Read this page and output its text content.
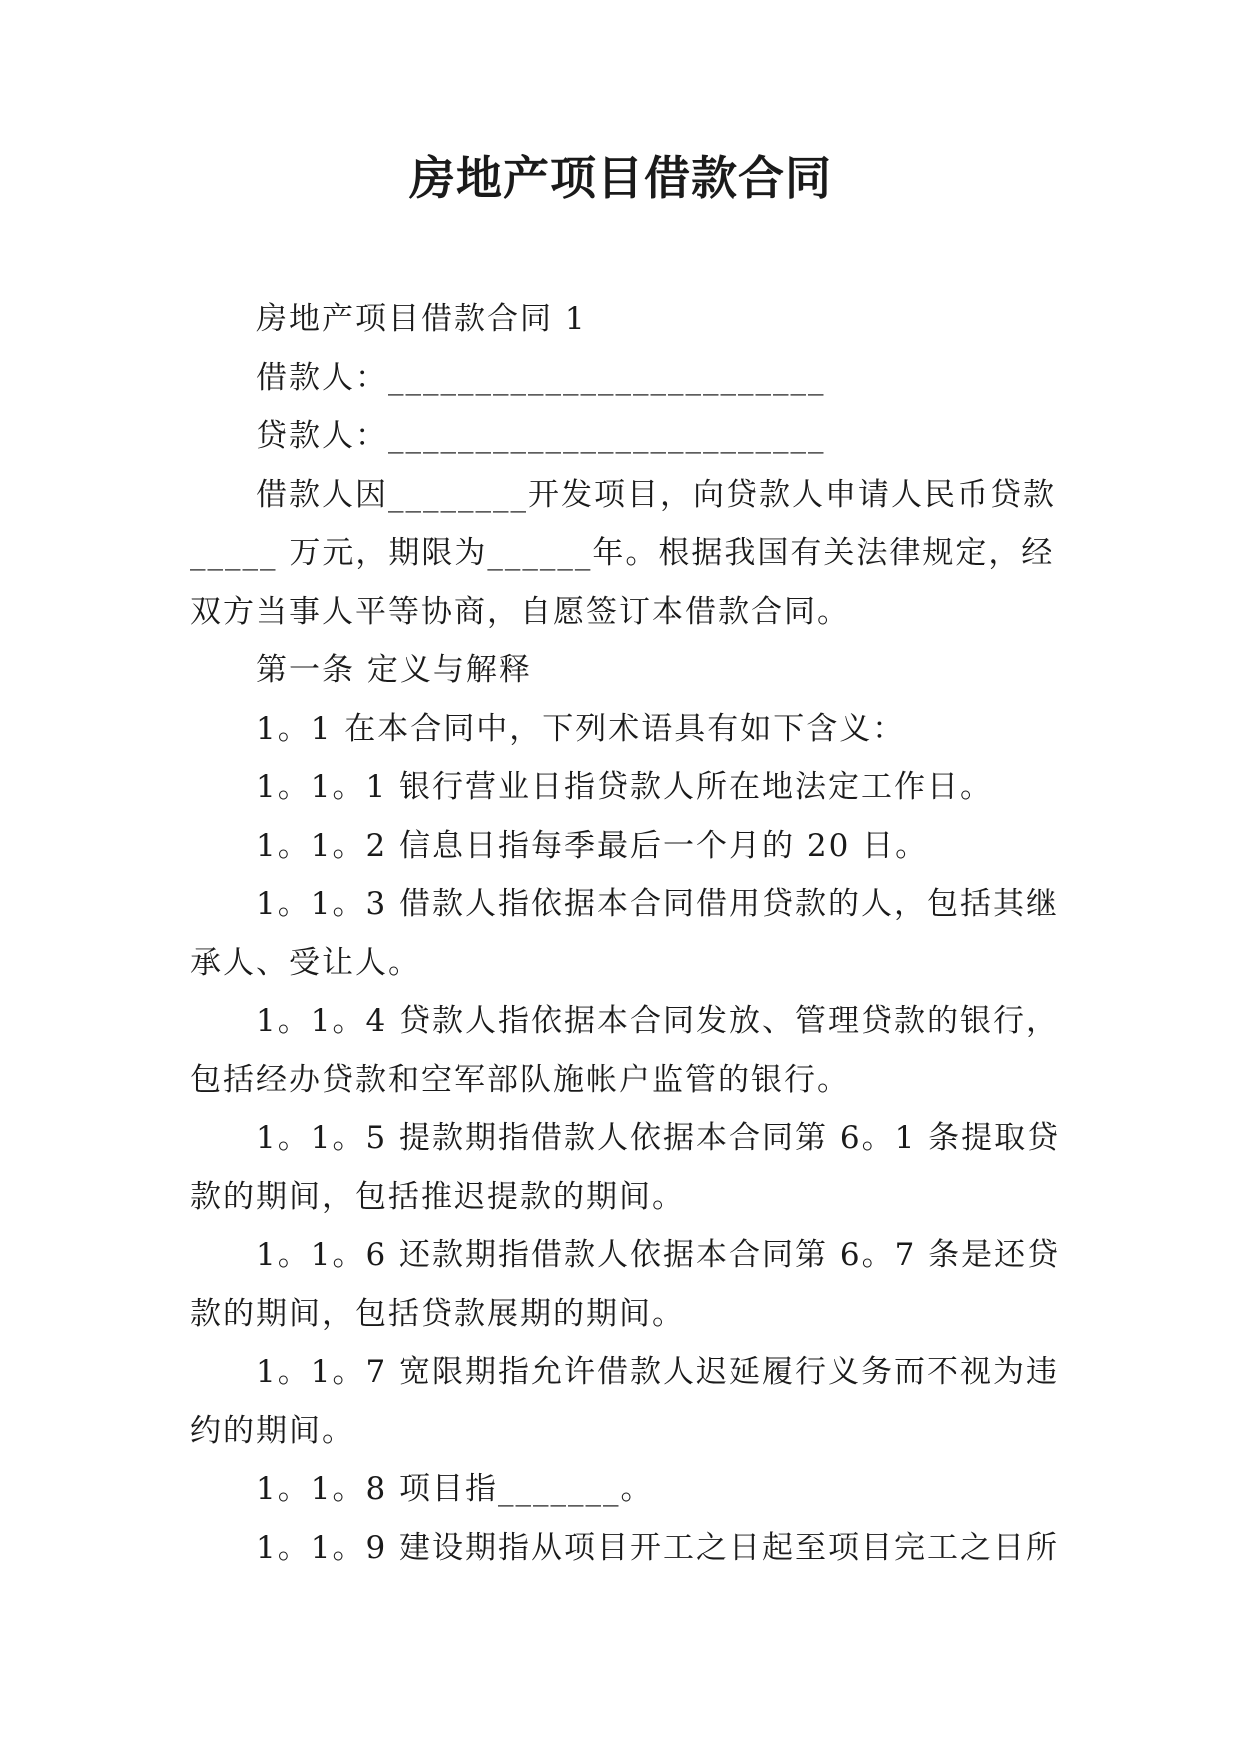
房地产项目借款合同

房地产项目借款合同 1

借款人：_________________________

贷款人：_________________________

借款人因________开发项目，向贷款人申请人民币贷款_____ 万元，期限为______年。根据我国有关法律规定，经双方当事人平等协商，自愿签订本借款合同。

第一条 定义与解释

1。1 在本合同中，下列术语具有如下含义：

1。1。1 银行营业日指贷款人所在地法定工作日。

1。1。2 信息日指每季最后一个月的 20 日。

1。1。3 借款人指依据本合同借用贷款的人，包括其继承人、受让人。

1。1。4 贷款人指依据本合同发放、管理贷款的银行，包括经办贷款和空军部队施帐户监管的银行。

1。1。5 提款期指借款人依据本合同第 6。1 条提取贷款的期间，包括推迟提款的期间。

1。1。6 还款期指借款人依据本合同第 6。7 条是还贷款的期间，包括贷款展期的期间。

1。1。7 宽限期指允许借款人迟延履行义务而不视为违约的期间。

1。1。8 项目指_______。

1。1。9 建设期指从项目开工之日起至项目完工之日所
